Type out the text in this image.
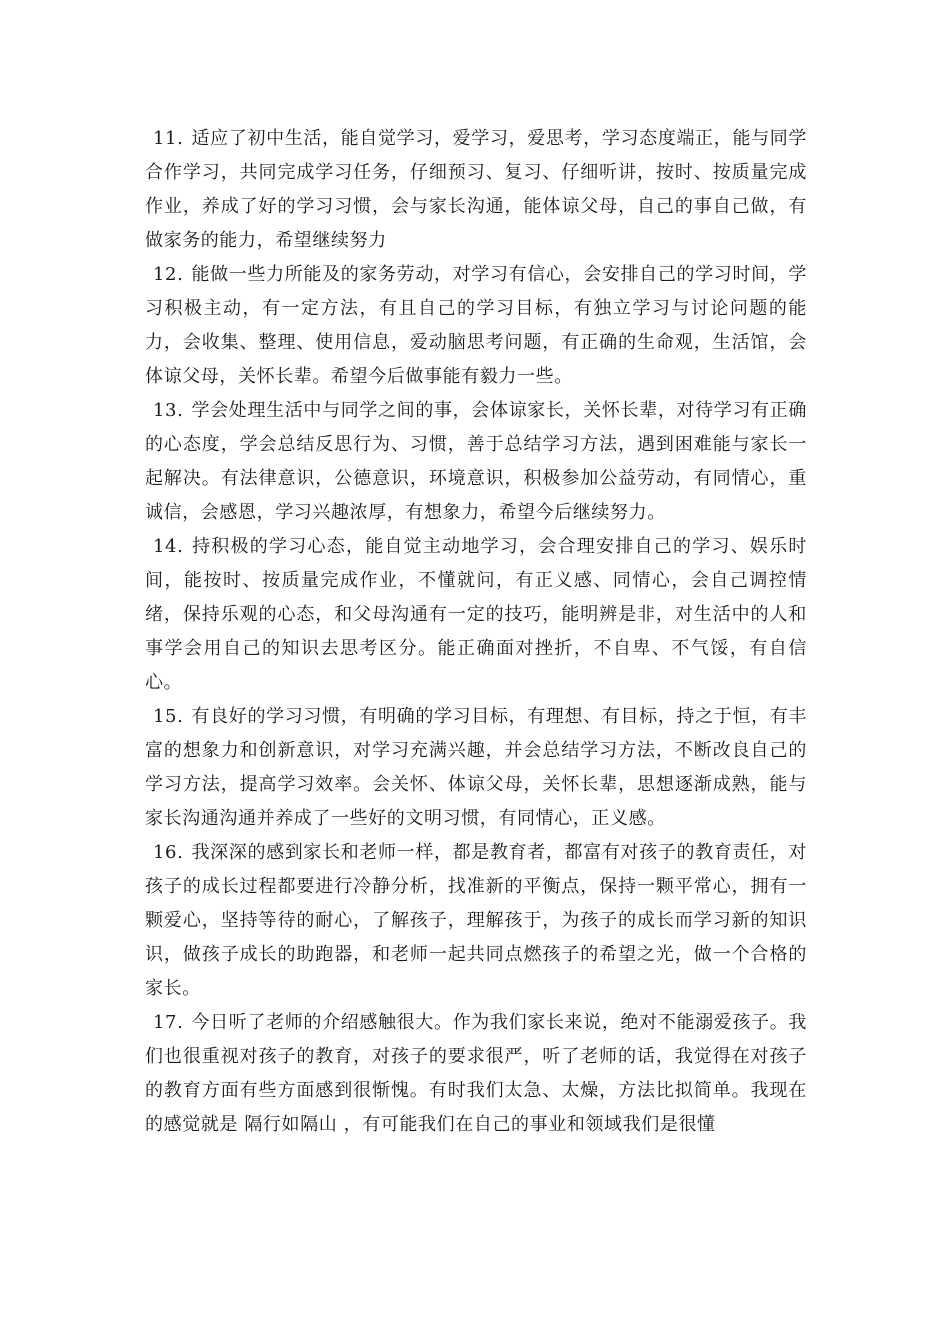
11. 适应了初中生活，能自觉学习，爱学习，爱思考，学习态度端正，能与同学合作学习，共同完成学习任务，仔细预习、复习、仔细听讲，按时、按质量完成作业，养成了好的学习习惯，会与家长沟通，能体谅父母，自己的事自己做，有做家务的能力，希望继续努力

12. 能做一些力所能及的家务劳动，对学习有信心，会安排自己的学习时间，学习积极主动，有一定方法，有且自己的学习目标，有独立学习与讨论问题的能力，会收集、整理、使用信息，爱动脑思考问题，有正确的生命观，生活馆，会体谅父母，关怀长辈。希望今后做事能有毅力一些。

13. 学会处理生活中与同学之间的事，会体谅家长，关怀长辈，对待学习有正确的心态度，学会总结反思行为、习惯，善于总结学习方法，遇到困难能与家长一起解决。有法律意识，公德意识，环境意识，积极参加公益劳动，有同情心，重诚信，会感恩，学习兴趣浓厚，有想象力，希望今后继续努力。

14. 持积极的学习心态，能自觉主动地学习，会合理安排自己的学习、娱乐时间，能按时、按质量完成作业，不懂就问，有正义感、同情心，会自己调控情绪，保持乐观的心态，和父母沟通有一定的技巧，能明辨是非，对生活中的人和事学会用自己的知识去思考区分。能正确面对挫折，不自卑、不气馁，有自信心。

15. 有良好的学习习惯，有明确的学习目标，有理想、有目标，持之于恒，有丰富的想象力和创新意识，对学习充满兴趣，并会总结学习方法，不断改良自己的学习方法，提高学习效率。会关怀、体谅父母，关怀长辈，思想逐渐成熟，能与家长沟通沟通并养成了一些好的文明习惯，有同情心，正义感。

16. 我深深的感到家长和老师一样，都是教育者，都富有对孩子的教育责任，对孩子的成长过程都要进行冷静分析，找准新的平衡点，保持一颗平常心，拥有一颗爱心，坚持等待的耐心，了解孩子，理解孩于，为孩子的成长而学习新的知识识，做孩子成长的助跑器，和老师一起共同点燃孩子的希望之光，做一个合格的家长。

17. 今日听了老师的介绍感触很大。作为我们家长来说，绝对不能溺爱孩子。我们也很重视对孩子的教育，对孩子的要求很严，听了老师的话，我觉得在对孩子的教育方面有些方面感到很惭愧。有时我们太急、太燥，方法比拟简单。我现在的感觉就是 隔行如隔山 ，有可能我们在自己的事业和领域我们是很懂
